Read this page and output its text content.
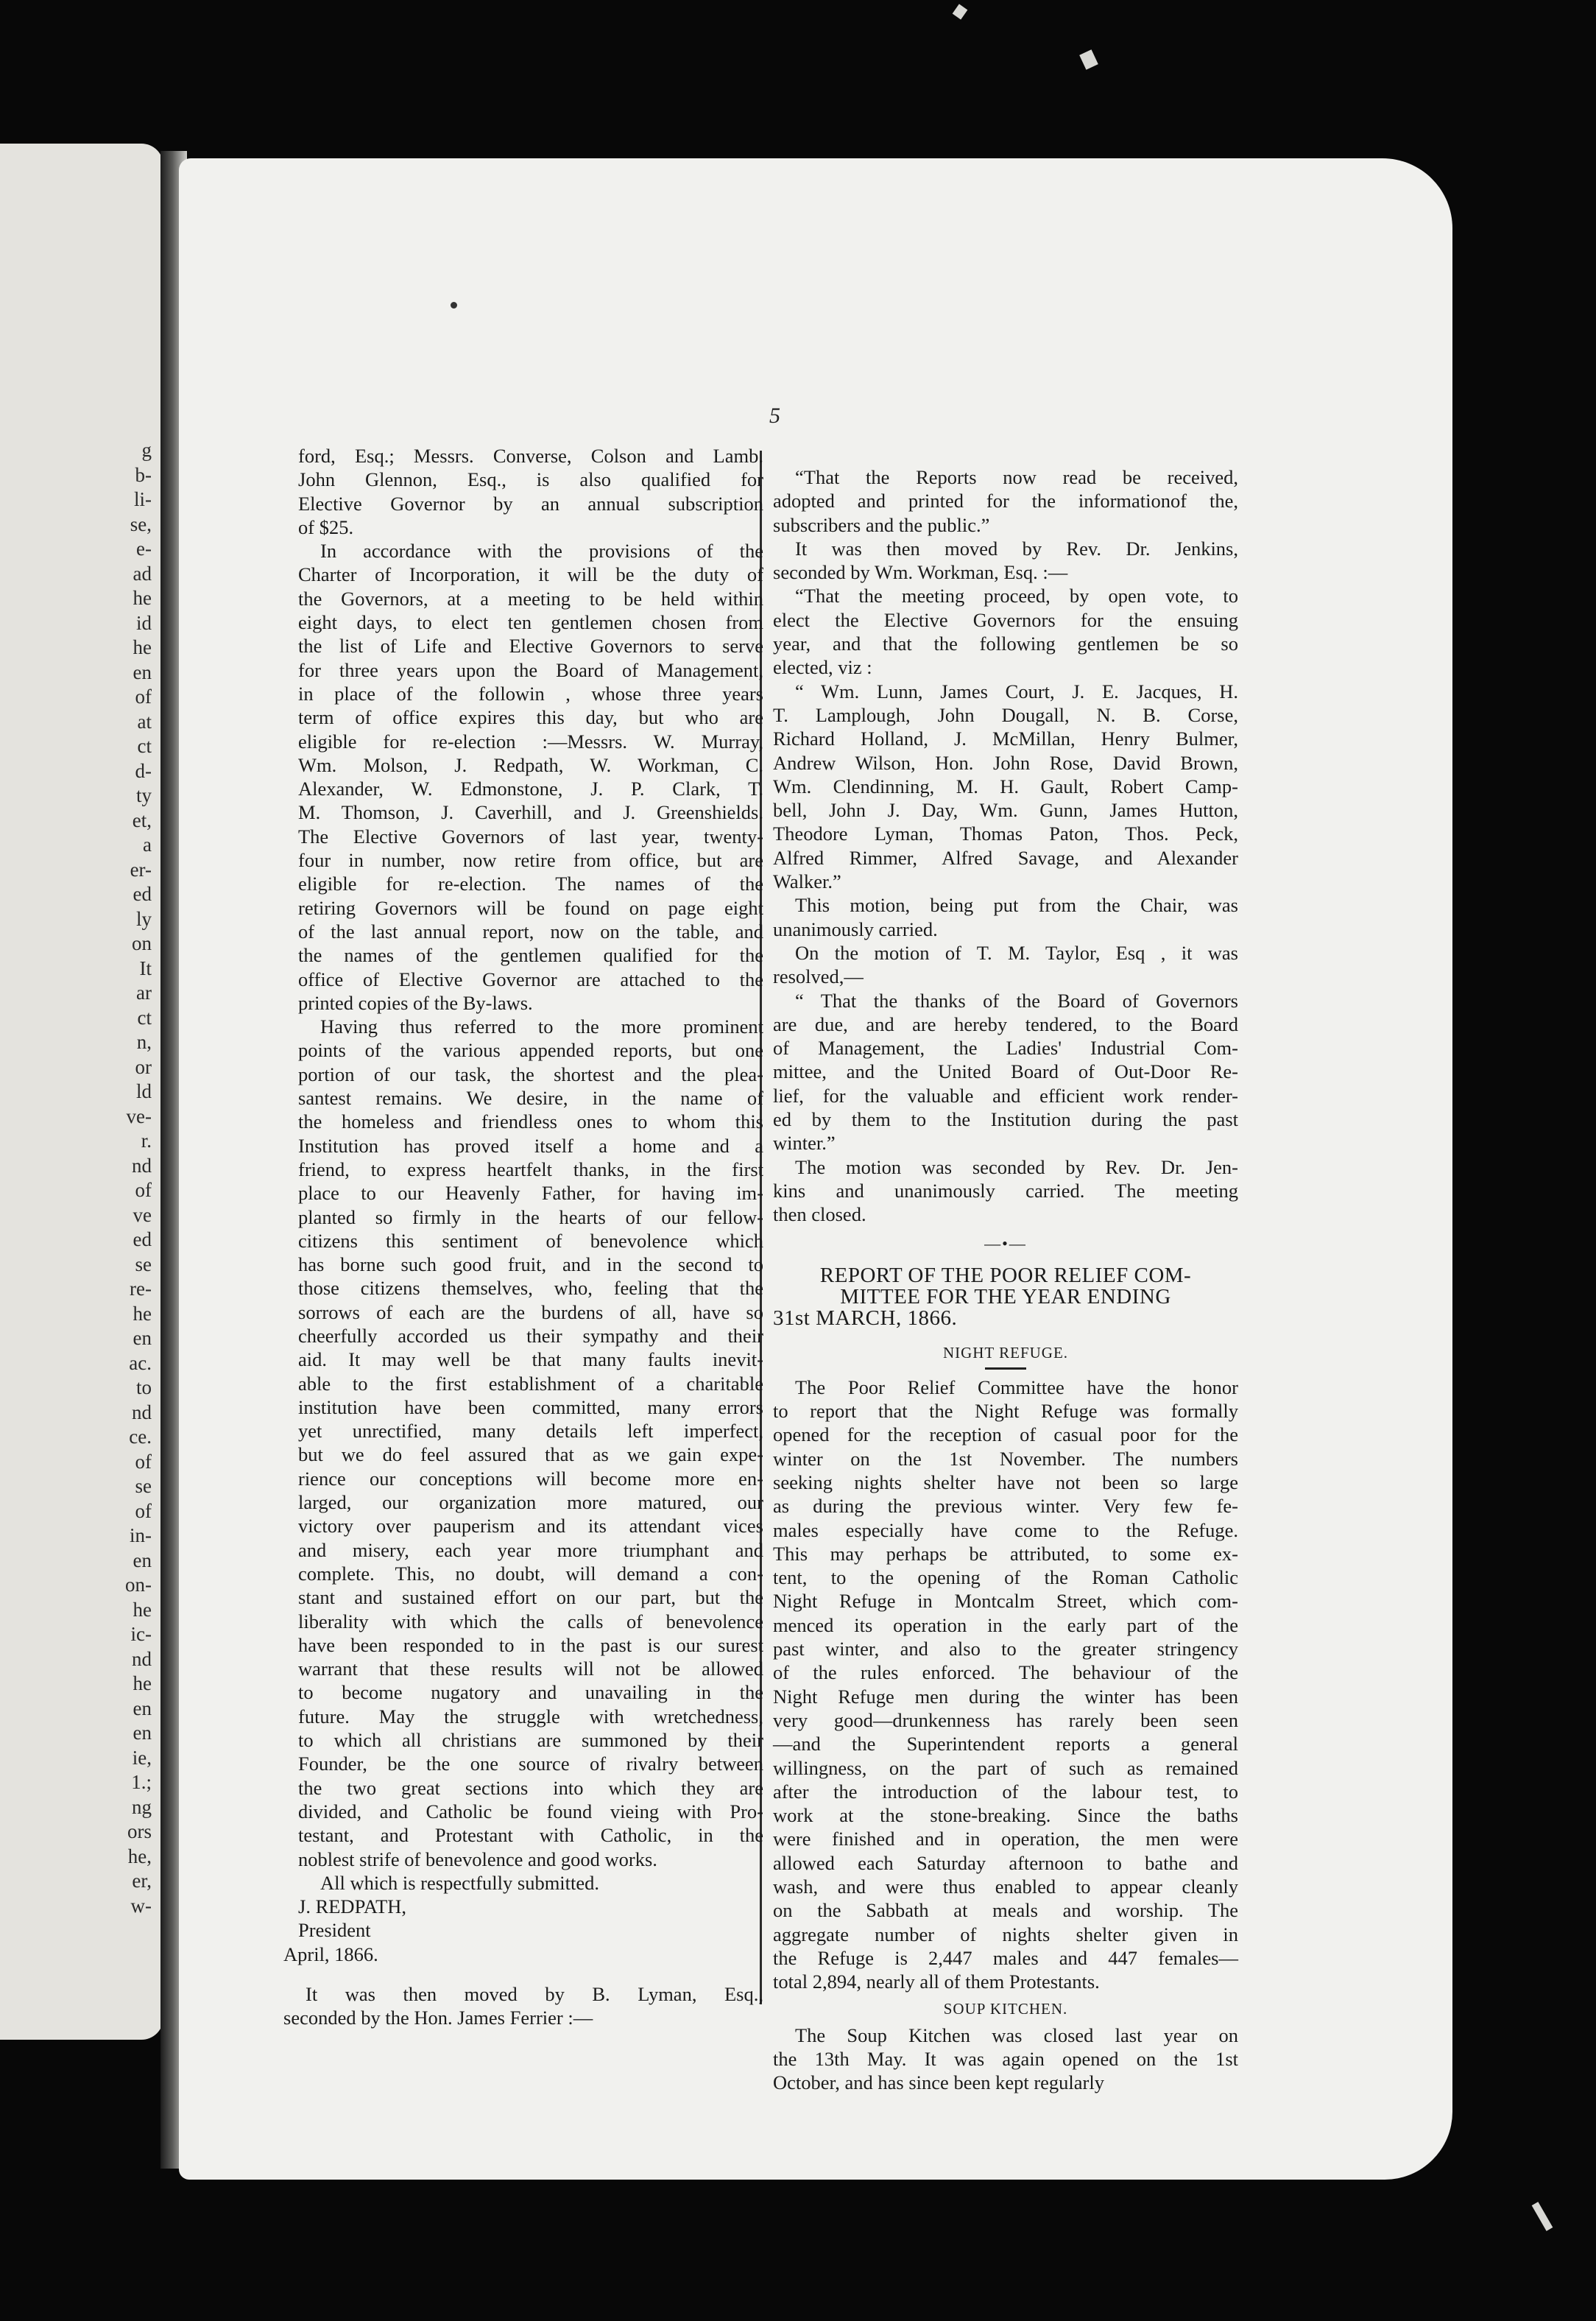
g
b-
li-
se,
e-
ad
he
id
he
en
of
at
ct
d-
ty
et,
a
er-
ed
ly
on
It
ar
ct
n,
or
ld
ve-
r.
nd
of
ve
ed
se
re-
he
en
ac.
to
nd
ce.
of
se
of
in-
en
on-
he
ic-
nd
he
en
en
ie,
1.;
ng
ors
he,
er,
w-
5

ford, Esq.; Messrs. Converse, Colson and Lamb.
John Glennon, Esq., is also qualified for
Elective Governor by an annual subscription
of $25.

In accordance with the provisions of the
Charter of Incorporation, it will be the duty of
the Governors, at a meeting to be held within
eight days, to elect ten gentlemen chosen from
the list of Life and Elective Governors to serve
for three years upon the Board of Management,
in place of the followin , whose three years
term of office expires this day, but who are
eligible for re-election :—Messrs. W. Murray,
Wm. Molson, J. Redpath, W. Workman, C.
Alexander, W. Edmonstone, J. P. Clark, T.
M. Thomson, J. Caverhill, and J. Greenshields.
The Elective Governors of last year, twenty-
four in number, now retire from office, but are
eligible for re-election. The names of the
retiring Governors will be found on page eight
of the last annual report, now on the table, and
the names of the gentlemen qualified for the
office of Elective Governor are attached to the
printed copies of the By-laws.

Having thus referred to the more prominent
points of the various appended reports, but one
portion of our task, the shortest and the plea-
santest remains. We desire, in the name of
the homeless and friendless ones to whom this
Institution has proved itself a home and a
friend, to express heartfelt thanks, in the first
place to our Heavenly Father, for having im-
planted so firmly in the hearts of our fellow-
citizens this sentiment of benevolence which
has borne such good fruit, and in the second to
those citizens themselves, who, feeling that the
sorrows of each are the burdens of all, have so
cheerfully accorded us their sympathy and their
aid. It may well be that many faults inevit-
able to the first establishment of a charitable
institution have been committed, many errors
yet unrectified, many details left imperfect,
but we do feel assured that as we gain expe-
rience our conceptions will become more en-
larged, our organization more matured, our
victory over pauperism and its attendant vices
and misery, each year more triumphant and
complete. This, no doubt, will demand a con-
stant and sustained effort on our part, but the
liberality with which the calls of benevolence
have been responded to in the past is our surest
warrant that these results will not be allowed
to become nugatory and unavailing in the
future. May the struggle with wretchedness,
to which all christians are summoned by their
Founder, be the one source of rivalry between
the two great sections into which they are
divided, and Catholic be found vieing with Pro-
testant, and Protestant with Catholic, in the
noblest strife of benevolence and good works.

All which is respectfully submitted.

J. REDPATH,

President

April, 1866.

It was then moved by B. Lyman, Esq.,
seconded by the Hon. James Ferrier :—

“That the Reports now read be received,
adopted and printed for the informationof the,
subscribers and the public.”

It was then moved by Rev. Dr. Jenkins,
seconded by Wm. Workman, Esq. :—

“That the meeting proceed, by open vote, to
elect the Elective Governors for the ensuing
year, and that the following gentlemen be so
elected, viz :

“ Wm. Lunn, James Court, J. E. Jacques, H.
T. Lamplough, John Dougall, N. B. Corse,
Richard Holland, J. McMillan, Henry Bulmer,
Andrew Wilson, Hon. John Rose, David Brown,
Wm. Clendinning, M. H. Gault, Robert Camp-
bell, John J. Day, Wm. Gunn, James Hutton,
Theodore Lyman, Thomas Paton, Thos. Peck,
Alfred Rimmer, Alfred Savage, and Alexander
Walker.”

This motion, being put from the Chair, was
unanimously carried.

On the motion of T. M. Taylor, Esq , it was
resolved,—

“ That the thanks of the Board of Governors
are due, and are hereby tendered, to the Board
of Management, the Ladies' Industrial Com-
mittee, and the United Board of Out-Door Re-
lief, for the valuable and efficient work render-
ed by them to the Institution during the past
winter.”

The motion was seconded by Rev. Dr. Jen-
kins and unanimously carried. The meeting
then closed.

—•—
REPORT OF THE POOR RELIEF COM-
MITTEE FOR THE YEAR ENDING
31st MARCH, 1866.
NIGHT REFUGE.

The Poor Relief Committee have the honor
to report that the Night Refuge was formally
opened for the reception of casual poor for the
winter on the 1st November. The numbers
seeking nights shelter have not been so large
as during the previous winter. Very few fe-
males especially have come to the Refuge.
This may perhaps be attributed, to some ex-
tent, to the opening of the Roman Catholic
Night Refuge in Montcalm Street, which com-
menced its operation in the early part of the
past winter, and also to the greater stringency
of the rules enforced. The behaviour of the
Night Refuge men during the winter has been
very good—drunkenness has rarely been seen
—and the Superintendent reports a general
willingness, on the part of such as remained
after the introduction of the labour test, to
work at the stone-breaking. Since the baths
were finished and in operation, the men were
allowed each Saturday afternoon to bathe and
wash, and were thus enabled to appear cleanly
on the Sabbath at meals and worship. The
aggregate number of nights shelter given in
the Refuge is 2,447 males and 447 females—
total 2,894, nearly all of them Protestants.

SOUP KITCHEN.

The Soup Kitchen was closed last year on
the 13th May. It was again opened on the 1st
October, and has since been kept regularly
